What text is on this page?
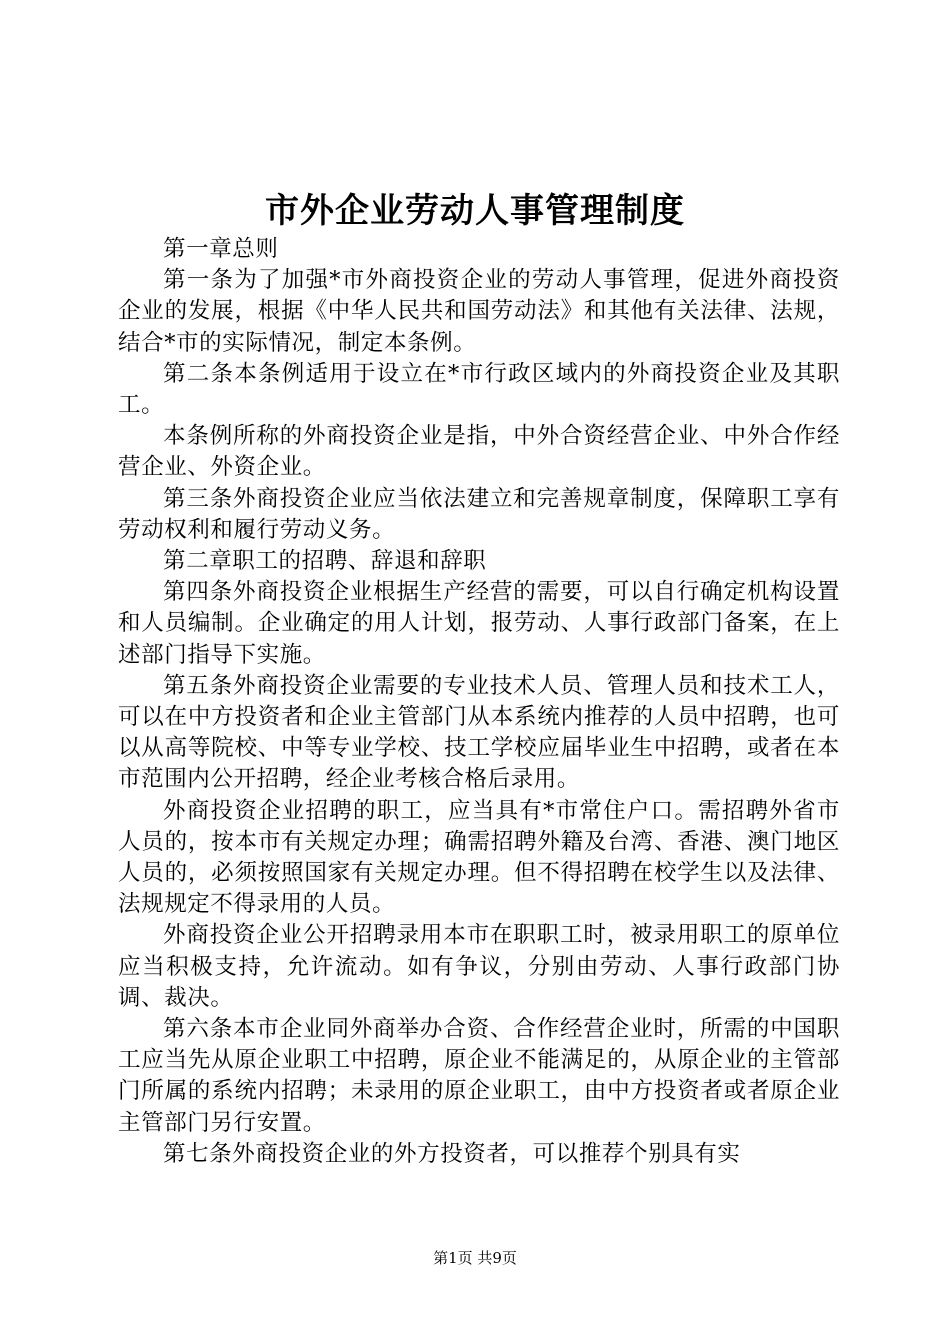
市外企业劳动人事管理制度

第一章总则

第一条为了加强*市外商投资企业的劳动人事管理，促进外商投资企业的发展，根据《中华人民共和国劳动法》和其他有关法律、法规，结合*市的实际情况，制定本条例。

第二条本条例适用于设立在*市行政区域内的外商投资企业及其职工。

本条例所称的外商投资企业是指，中外合资经营企业、中外合作经营企业、外资企业。

第三条外商投资企业应当依法建立和完善规章制度，保障职工享有劳动权利和履行劳动义务。

第二章职工的招聘、辞退和辞职

第四条外商投资企业根据生产经营的需要，可以自行确定机构设置和人员编制。企业确定的用人计划，报劳动、人事行政部门备案，在上述部门指导下实施。

第五条外商投资企业需要的专业技术人员、管理人员和技术工人，可以在中方投资者和企业主管部门从本系统内推荐的人员中招聘，也可以从高等院校、中等专业学校、技工学校应届毕业生中招聘，或者在本市范围内公开招聘，经企业考核合格后录用。

外商投资企业招聘的职工，应当具有*市常住户口。需招聘外省市人员的，按本市有关规定办理；确需招聘外籍及台湾、香港、澳门地区人员的，必须按照国家有关规定办理。但不得招聘在校学生以及法律、法规规定不得录用的人员。

外商投资企业公开招聘录用本市在职职工时，被录用职工的原单位应当积极支持，允许流动。如有争议，分别由劳动、人事行政部门协调、裁决。

第六条本市企业同外商举办合资、合作经营企业时，所需的中国职工应当先从原企业职工中招聘，原企业不能满足的，从原企业的主管部门所属的系统内招聘；未录用的原企业职工，由中方投资者或者原企业主管部门另行安置。

第七条外商投资企业的外方投资者，可以推荐个别具有实

第1页 共9页
